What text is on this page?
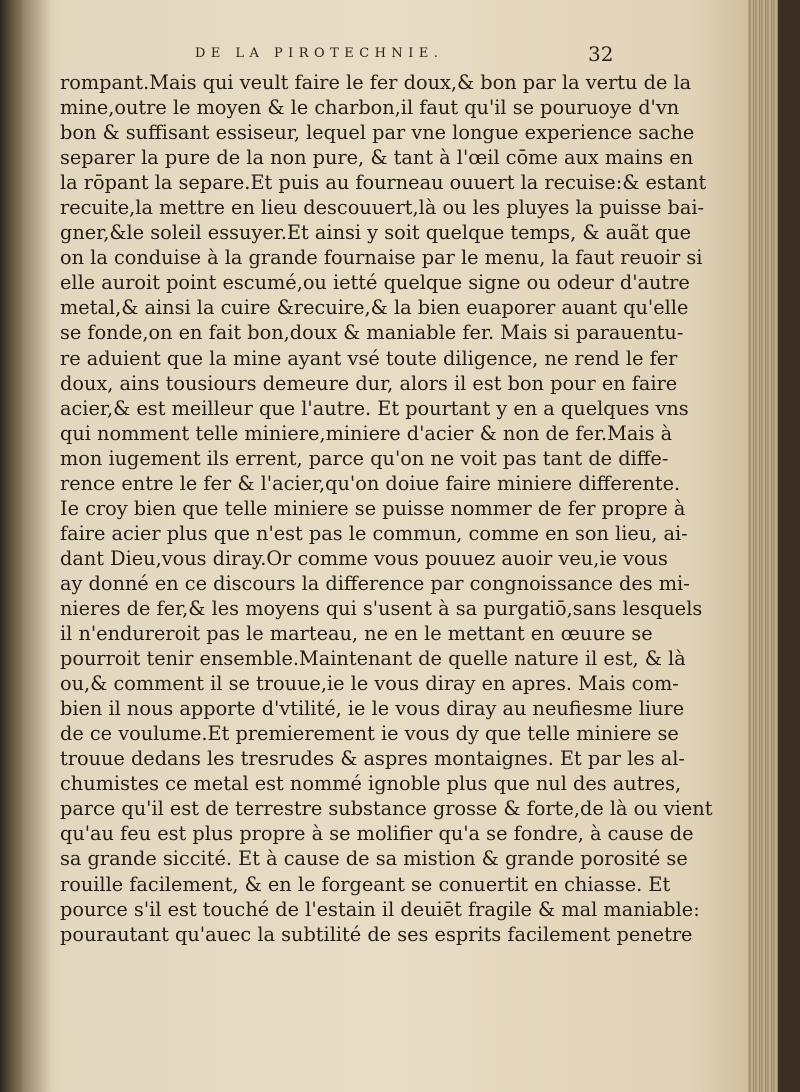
DE LA PIROTECHNIE.	32
rompant.Mais qui veult faire le fer doux,& bon par la vertu de la
mine,outre le moyen & le charbon,il faut qu'il se pouruoye d'vn
bon & suffisant essiseur, lequel par vne longue experience sache
separer la pure de la non pure, & tant à l'œil cōme aux mains en
la rōpant la separe.Et puis au fourneau ouuert la recuise:& estant
recuite,la mettre en lieu descouuert,là ou les pluyes la puisse bai-
gner,&le soleil essuyer.Et ainsi y soit quelque temps, & auãt que
on la conduise à la grande fournaise par le menu, la faut reuoir si
elle auroit point escumé,ou ietté quelque signe ou odeur d'autre
metal,& ainsi la cuire &recuire,& la bien euaporer auant qu'elle
se fonde,on en fait bon,doux & maniable fer. Mais si parauentu-
re aduient que la mine ayant vsé toute diligence, ne rend le fer
doux, ains tousiours demeure dur, alors il est bon pour en faire
acier,& est meilleur que l'autre. Et pourtant y en a quelques vns
qui nomment telle miniere,miniere d'acier & non de fer.Mais à
mon iugement ils errent, parce qu'on ne voit pas tant de diffe-
rence entre le fer & l'acier,qu'on doiue faire miniere differente.
Ie croy bien que telle miniere se puisse nommer de fer propre à
faire acier plus que n'est pas le commun, comme en son lieu, ai-
dant Dieu,vous diray.Or comme vous pouuez auoir veu,ie vous
ay donné en ce discours la difference par congnoissance des mi-
nieres de fer,& les moyens qui s'usent à sa purgatiō,sans lesquels
il n'endureroit pas le marteau, ne en le mettant en œuure se
pourroit tenir ensemble.Maintenant de quelle nature il est, & là
ou,& comment il se trouue,ie le vous diray en apres. Mais com-
bien il nous apporte d'vtilité, ie le vous diray au neufiesme liure
de ce voulume.Et premierement ie vous dy que telle miniere se
trouue dedans les tresrudes & aspres montaignes. Et par les al-
chumistes ce metal est nommé ignoble plus que nul des autres,
parce qu'il est de terrestre substance grosse & forte,de là ou vient
qu'au feu est plus propre à se molifier qu'a se fondre, à cause de
sa grande siccité. Et à cause de sa mistion & grande porosité se
rouille facilement, & en le forgeant se conuertit en chiasse. Et
pource s'il est touché de l'estain il deuiēt fragile & mal maniable:
pourautant qu'auec la subtilité de ses esprits facilement penetre
